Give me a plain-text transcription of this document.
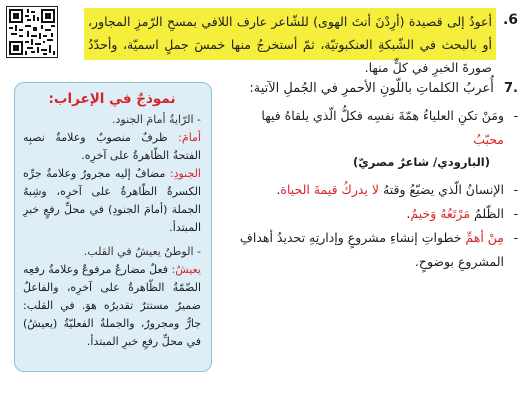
.6
أعودُ إلى قصيدة (أرِدْنَ أنتَ الهوى) للشّاعر عارف اللافي بمسحِ الرّمزِ المجاور، أو بالبحث في الشّبكةِ العنكبوتيّة، ثمّ أستخرجُ منها خمسَ جملٍ اسميّة، وأحدّدُ صورةَ الخبرِ في كلٍّ منها.
.7 أُعربُ الكلماتِ باللّونِ الأحمرِ في الجُملِ الآتية:
-
ومَنْ تكنِ العلياءُ همّةَ نفسِه فكلُّ الّذي يلقاهُ فيها محبّبُ
(البارودي/ شاعرٌ مصريّ)
-
الإنسانُ الّذي يضيّعُ وقتهُ لا يدركُ قيمةَ الحياة.
-
الظّلمُ مَرْتَعُهُ وَخيمٌ.
-
مِنْ أهمِّ خطواتِ إنشاءِ مشروعٍ وإدارتِهِ تحديدُ أهدافِ المشروعِ بوضوحٍ.
نموذجٌ في الإعراب:

- الرّايةُ أمامَ الجنود.

أمامَ: ظرفٌ منصوبٌ وعلامةُ نصبِه الفتحةُ الظّاهرةُ على آخرِه.

الجنودِ: مضافٌ إليه مجرورٌ وعلامةُ جرِّه الكسرةُ الظّاهرةُ على آخرِه، وشِبهُ الجملة (أمامَ الجنودِ) في محلِّ رفعٍ خبرِ المبتدأ.

- الوطنُ يعيشُ في القلب.

يعيشُ: فعلٌ مضارعٌ مرفوعٌ وعلامةُ رفعِه الضّمّةُ الظّاهرةُ على آخرِه، والفاعلُ ضميرٌ مستترٌ تقديرُه هوَ. في القلب: جارٌّ ومجرورٌ، والجملةُ الفعليّةُ (يعيشُ) في محلِّ رفعِ خبرِ المبتدأ.
